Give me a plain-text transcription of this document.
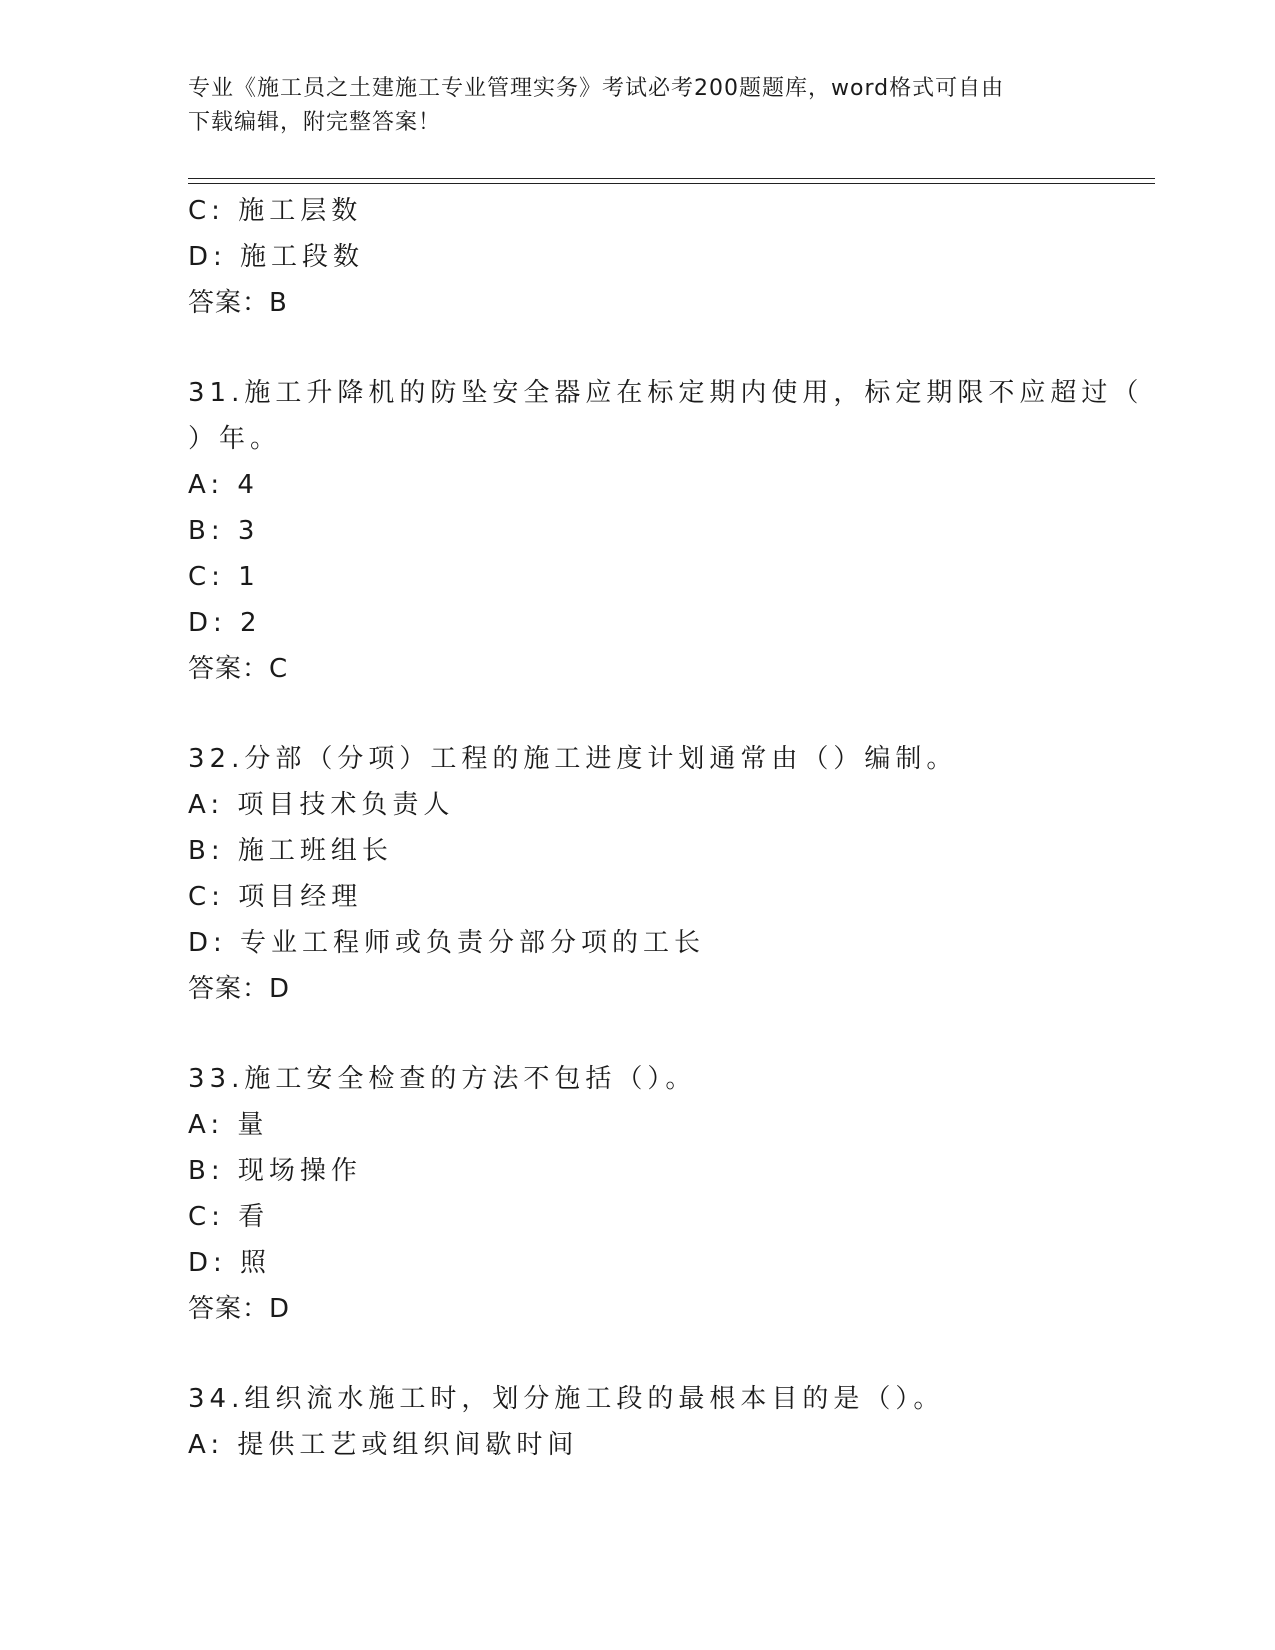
专业《施工员之土建施工专业管理实务》考试必考200题题库，word格式可自由
下载编辑，附完整答案！
C: 施工层数
D: 施工段数
答案：B
31.施工升降机的防坠安全器应在标定期内使用，标定期限不应超过（
）年。
A: 4
B: 3
C: 1
D: 2
答案：C
32.分部（分项）工程的施工进度计划通常由（）编制。
A: 项目技术负责人
B: 施工班组长
C: 项目经理
D: 专业工程师或负责分部分项的工长
答案：D
33.施工安全检查的方法不包括（）。
A: 量
B: 现场操作
C: 看
D: 照
答案：D
34.组织流水施工时，划分施工段的最根本目的是（）。
A: 提供工艺或组织间歇时间
